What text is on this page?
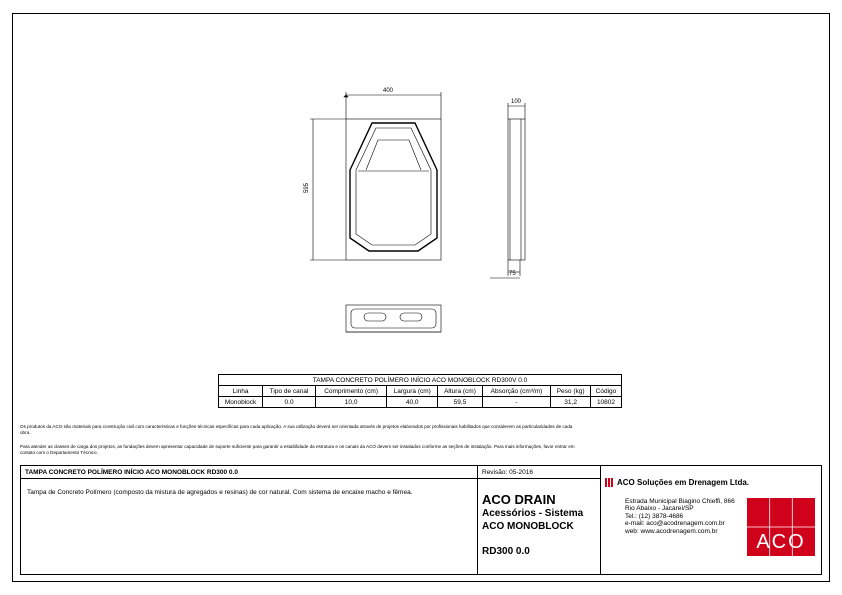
400
595
100
75
TAMPA CONCRETO POLÍMERO INÍCIO ACO MONOBLOCK RD300V 0.0							
Linha	Tipo de canal	Comprimento (cm)	Largura (cm)	Altura (cm)	Absorção (cm³/m)	Peso (kg)	Código
Monoblock	0.0	10,0	40,0	59,5	-	31,2	10802
Os produtos da ACO são materiais para construção civil com características e funções técnicas específicas para cada aplicação. A sua utilização deverá ser orientada através de projetos elaborados por profissionais habilitados que considerem as particularidades de cada obra.
Para atender as classes de carga dos projetos, as fundações devem apresentar capacidade de suporte suficiente para garantir a estabilidade da estrutura e os canais da ACO devem ser instalados conforme as seções de instalação. Para mais informações, favor entrar em contato com o Departamento Técnico.
TAMPA CONCRETO POLÍMERO INÍCIO ACO MONOBLOCK RD300 0.0
Tampa de Concreto Polímero (composto da mistura de agregados e resinas) de cor natural. Com sistema de encaixe macho e fêmea.
Revisão: 05-2016
ACO DRAIN
Acessórios - Sistema
ACO MONOBLOCK
RD300 0.0
ACO Soluções em Drenagem Ltda.
Estrada Municipal Biagino Chieffi, 866
Rio Abaixo - Jacareí/SP
Tel.: (12) 3878-4686
e-mail: aco@acodrenagem.com.br
web: www.acodrenagem.com.br	ACO
